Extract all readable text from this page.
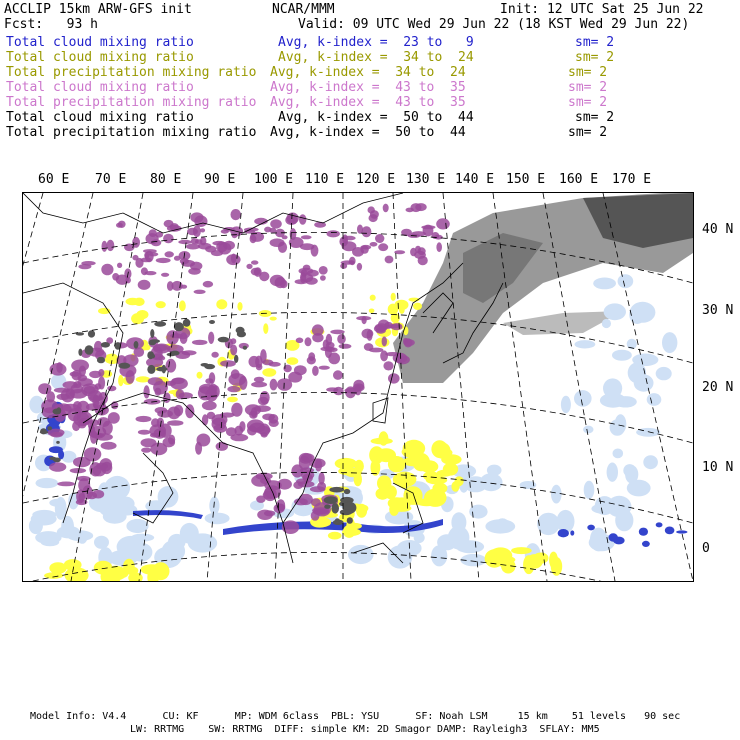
ACCLIP 15km ARW-GFS init	NCAR/MMM	Init: 12 UTC Sat 25 Jun 22
Fcst:   93 h	Valid: 09 UTC Wed 29 Jun 22 (18 KST Wed 29 Jun 22)
Total cloud mixing ratio	Avg, k-index =  23 to   9	sm= 2
Total cloud mixing ratio	Avg, k-index =  34 to  24	sm= 2
Total precipitation mixing ratio Avg, k-index =  34 to  24	sm= 2
Total cloud mixing ratio	Avg, k-index =  43 to  35	sm= 2
Total precipitation mixing ratio Avg, k-index =  43 to  35	sm= 2
Total cloud mixing ratio	Avg, k-index =  50 to  44	sm= 2
Total precipitation mixing ratio Avg, k-index =  50 to  44	sm= 2
60 E 70 E 80 E 90 E 100 E 110 E 120 E 130 E 140 E 150 E 160 E 170 E
40 N
30 N
20 N
10 N
0
Model Info: V4.4      CU: KF      MP: WDM 6class  PBL: YSU      SF: Noah LSM     15 km    51 levels   90 sec
LW: RRTMG    SW: RRTMG  DIFF: simple KM: 2D Smagor DAMP: Rayleigh3  SFLAY: MM5
